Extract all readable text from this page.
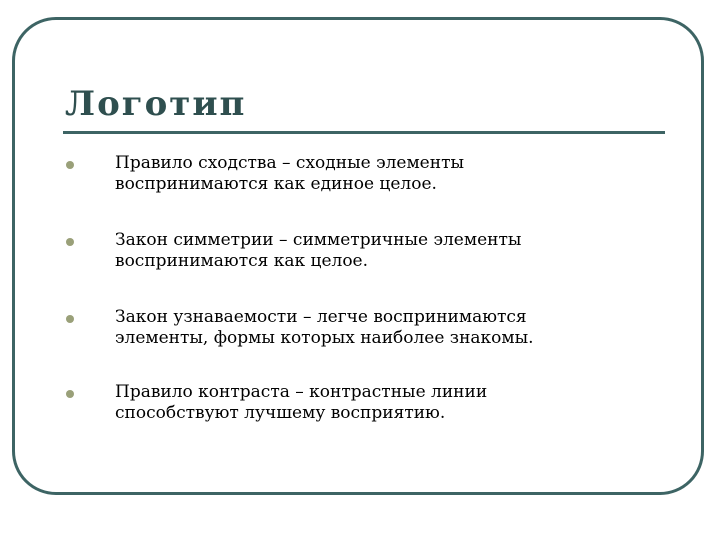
Логотип
Правило сходства – сходные элементы
воспринимаются как единое целое.
Закон симметрии – симметричные элементы
воспринимаются как целое.
Закон узнаваемости – легче воспринимаются
элементы, формы которых наиболее знакомы.
Правило контраста – контрастные линии
способствуют лучшему восприятию.
